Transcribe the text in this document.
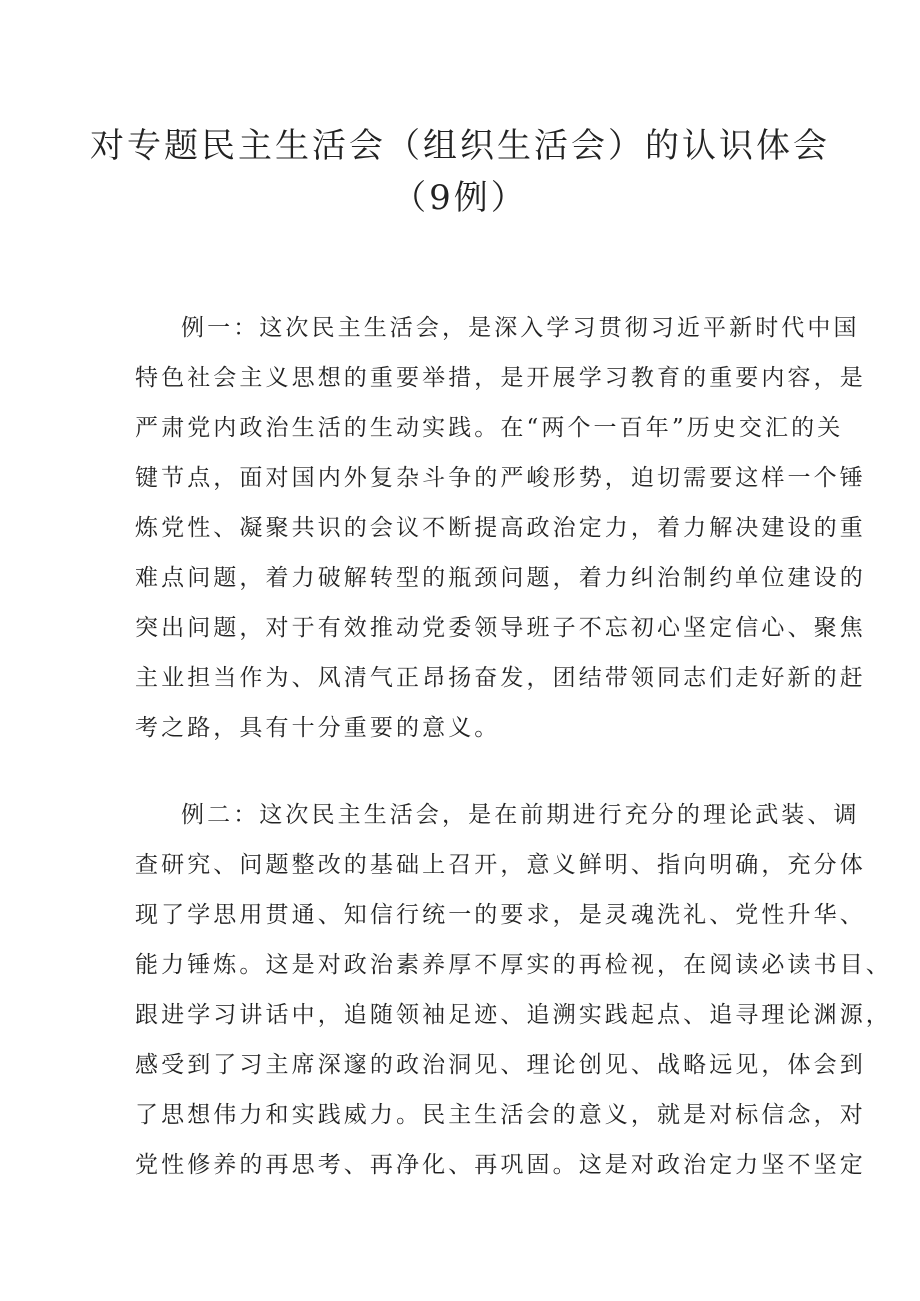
对专题民主生活会（组织生活会）的认识体会
（9例）
例一：这次民主生活会，是深入学习贯彻习近平新时代中国
特色社会主义思想的重要举措，是开展学习教育的重要内容，是
严肃党内政治生活的生动实践。在“两个一百年”历史交汇的关
键节点，面对国内外复杂斗争的严峻形势，迫切需要这样一个锤
炼党性、凝聚共识的会议不断提高政治定力，着力解决建设的重
难点问题，着力破解转型的瓶颈问题，着力纠治制约单位建设的
突出问题，对于有效推动党委领导班子不忘初心坚定信心、聚焦
主业担当作为、风清气正昂扬奋发，团结带领同志们走好新的赶
考之路，具有十分重要的意义。
例二：这次民主生活会，是在前期进行充分的理论武装、调
查研究、问题整改的基础上召开，意义鲜明、指向明确，充分体
现了学思用贯通、知信行统一的要求，是灵魂洗礼、党性升华、
能力锤炼。这是对政治素养厚不厚实的再检视，在阅读必读书目、
跟进学习讲话中，追随领袖足迹、追溯实践起点、追寻理论渊源，
感受到了习主席深邃的政治洞见、理论创见、战略远见，体会到
了思想伟力和实践威力。民主生活会的意义，就是对标信念，对
党性修养的再思考、再净化、再巩固。这是对政治定力坚不坚定
